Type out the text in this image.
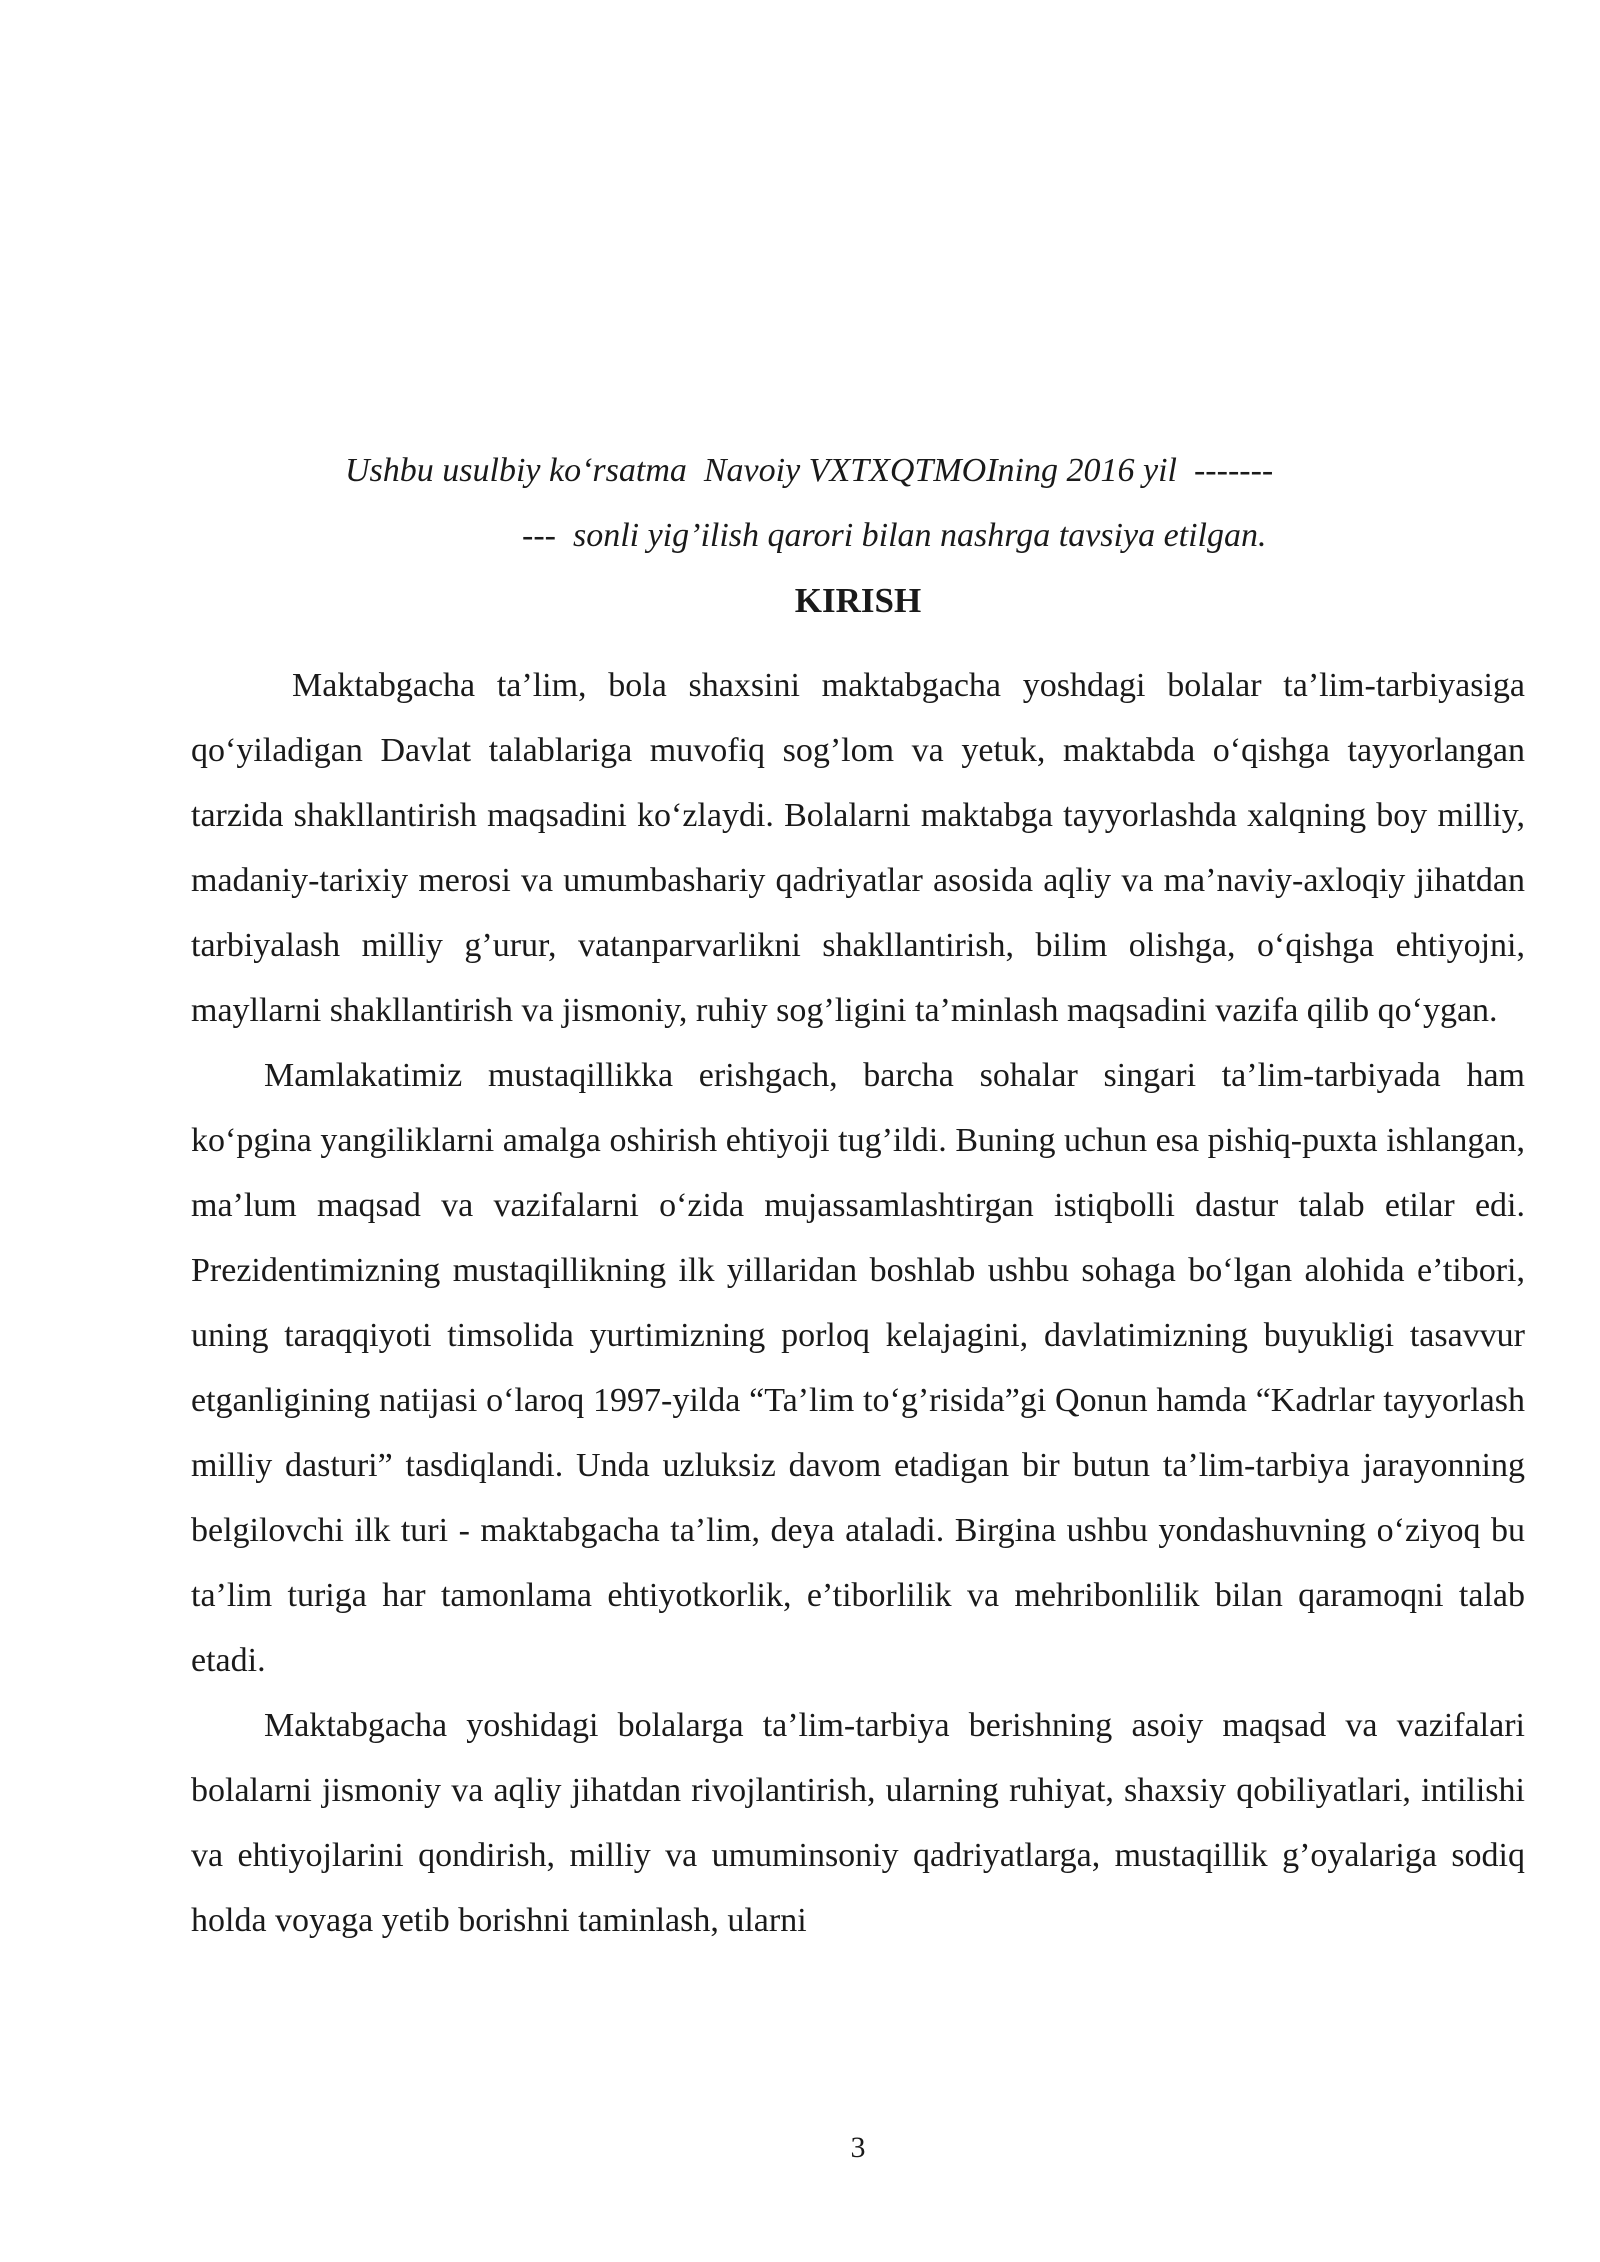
Ushbu usulbiy ko‘rsatma  Navoiy VXTXQTMOIning 2016 yil  -------
---  sonli yig’ilish qarori bilan nashrga tavsiya etilgan.
KIRISH

Maktabgacha ta’lim, bola shaxsini maktabgacha yoshdagi bolalar ta’lim-tarbiyasiga qo‘yiladigan Davlat talablariga muvofiq sog’lom va yetuk, maktabda o‘qishga tayyorlangan tarzida shakllantirish maqsadini ko‘zlaydi. Bolalarni maktabga tayyorlashda xalqning boy milliy, madaniy-tarixiy merosi va umumbashariy qadriyatlar asosida aqliy va ma’naviy-axloqiy jihatdan tarbiyalash milliy g’urur, vatanparvarlikni shakllantirish, bilim olishga, o‘qishga ehtiyojni, mayllarni shakllantirish va jismoniy, ruhiy sog’ligini ta’minlash maqsadini vazifa qilib qo‘ygan.

Mamlakatimiz mustaqillikka erishgach, barcha sohalar singari ta’lim-tarbiyada ham ko‘pgina yangiliklarni amalga oshirish ehtiyoji tug’ildi. Buning uchun esa pishiq-puxta ishlangan, ma’lum maqsad va vazifalarni o‘zida mujassamlashtirgan istiqbolli dastur talab etilar edi. Prezidentimizning mustaqillikning ilk yillaridan boshlab ushbu sohaga bo‘lgan alohida e’tibori, uning taraqqiyoti timsolida yurtimizning porloq kelajagini, davlatimizning buyukligi tasavvur etganligining natijasi o‘laroq 1997-yilda “Ta’lim to‘g’risida”gi Qonun hamda “Kadrlar tayyorlash milliy dasturi” tasdiqlandi. Unda uzluksiz davom etadigan bir butun ta’lim-tarbiya jarayonning belgilovchi ilk turi - maktabgacha ta’lim, deya ataladi. Birgina ushbu yondashuvning o‘ziyoq bu ta’lim turiga har tamonlama ehtiyotkorlik, e’tiborlilik va mehribonlilik bilan qaramoqni talab etadi.

Maktabgacha yoshidagi bolalarga ta’lim-tarbiya berishning asoiy maqsad va vazifalari bolalarni jismoniy va aqliy jihatdan rivojlantirish, ularning ruhiyat, shaxsiy qobiliyatlari, intilishi va ehtiyojlarini qondirish, milliy va umuminsoniy qadriyatlarga, mustaqillik g’oyalariga sodiq holda voyaga yetib borishni taminlash, ularni

3
